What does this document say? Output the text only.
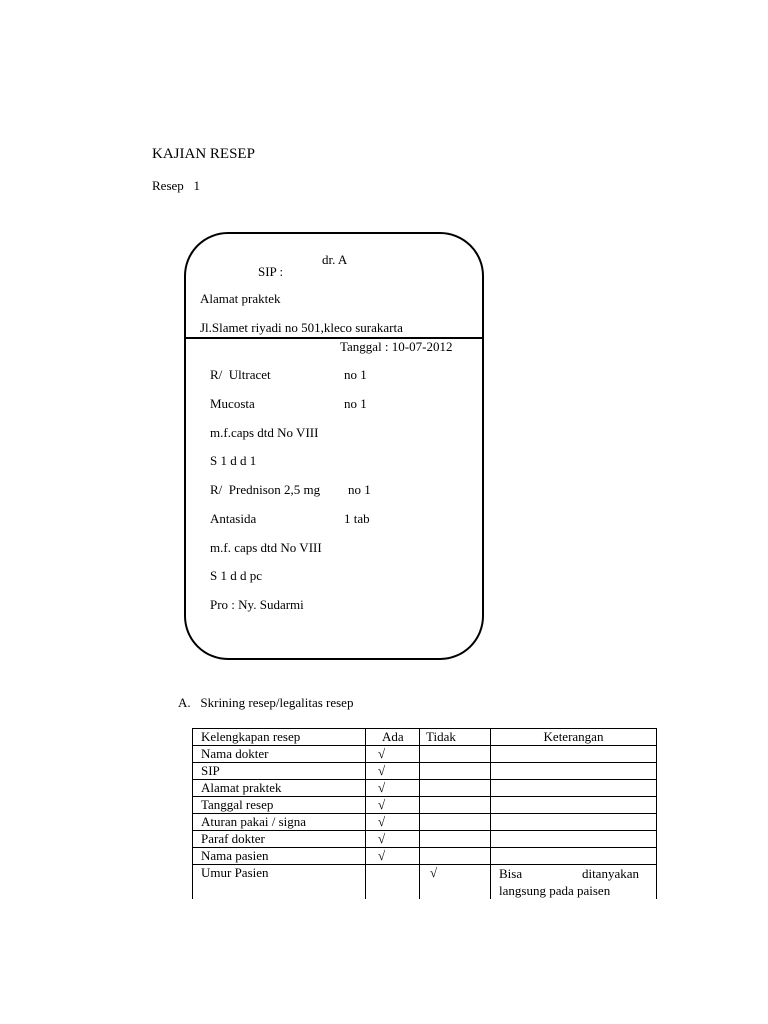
KAJIAN RESEP
Resep   1
dr. A
SIP :
Alamat praktek
Jl.Slamet riyadi no 501,kleco surakarta
Tanggal : 10-07-2012
R/  Ultracet	no 1
Mucosta	no 1
m.f.caps dtd No VIII
S 1 d d 1
R/  Prednison 2,5 mg no 1
Antasida	1 tab
m.f. caps dtd No VIII
S 1 d d pc
Pro : Ny. Sudarmi
A.   Skrining resep/legalitas resep
Kelengkapan resep	Ada	Tidak	Keterangan
Nama dokter	√		
SIP	√		
Alamat praktek	√		
Tanggal resep	√		
Aturan pakai / signa	√		
Paraf dokter	√		
Nama pasien	√		
Umur Pasien		√	Bisa ditanyakan
langsung pada paisen
